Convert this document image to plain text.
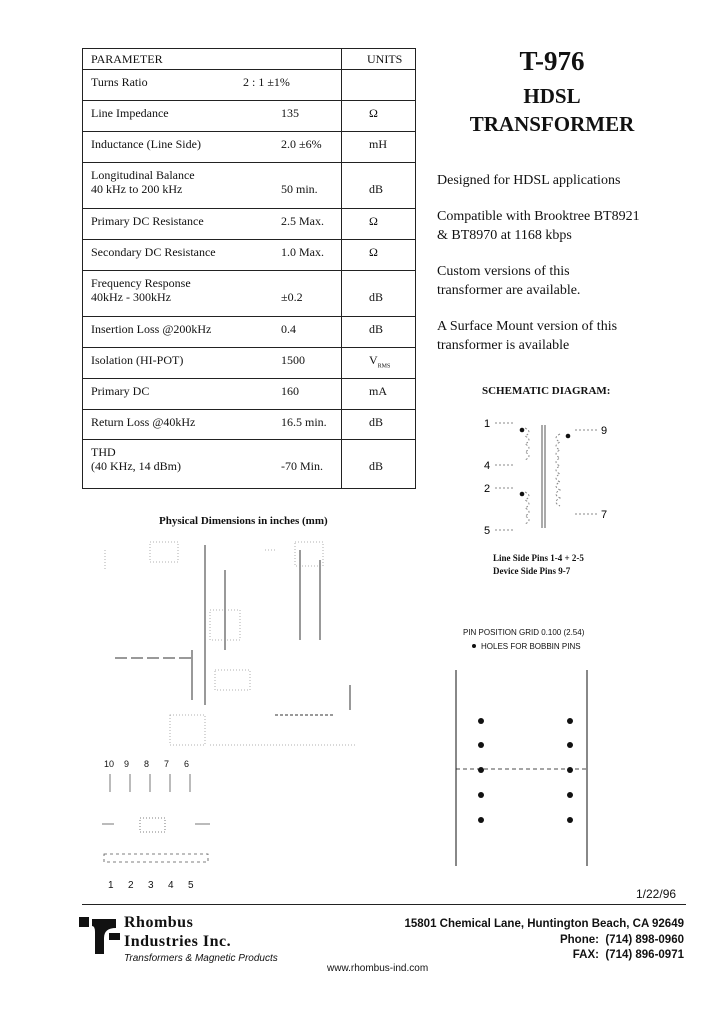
PARAMETER	UNITS
Turns Ratio	2 : 1 ±1%
Line Impedance	135	Ω
Inductance (Line Side)	2.0 ±6%	mH
Longitudinal Balance
40 kHz to 200 kHz	50 min.	dB
Primary DC Resistance	2.5 Max.	Ω
Secondary DC Resistance	1.0 Max.	Ω
Frequency Response
40kHz - 300kHz	±0.2	dB
Insertion Loss @200kHz	0.4	dB
Isolation (HI-POT)	1500	$V_{RMS}$
Primary DC	160	mA
Return Loss @40kHz	16.5 min.	dB
THD
(40 KHz, 14 dBm)	-70 Min.	dB
T-976
HDSL
TRANSFORMER
Designed for HDSL applications
Compatible with Brooktree BT8921
& BT8970 at 1168 kbps
Custom versions of this
transformer are available.
A Surface Mount version of this
transformer is available
SCHEMATIC DIAGRAM:
1
4
2
5
9
7
Line Side Pins 1-4 + 2-5
Device Side Pins 9-7
PIN POSITION GRID 0.100 (2.54)
HOLES FOR BOBBIN PINS
Physical Dimensions in inches (mm)
10 9 8 7 6
1 2 3 4 5
1/22/96
Rhombus
Industries Inc.
Transformers & Magnetic Products
15801 Chemical Lane, Huntington Beach, CA 92649
Phone: (714) 898-0960
FAX: (714) 896-0971
www.rhombus-ind.com
